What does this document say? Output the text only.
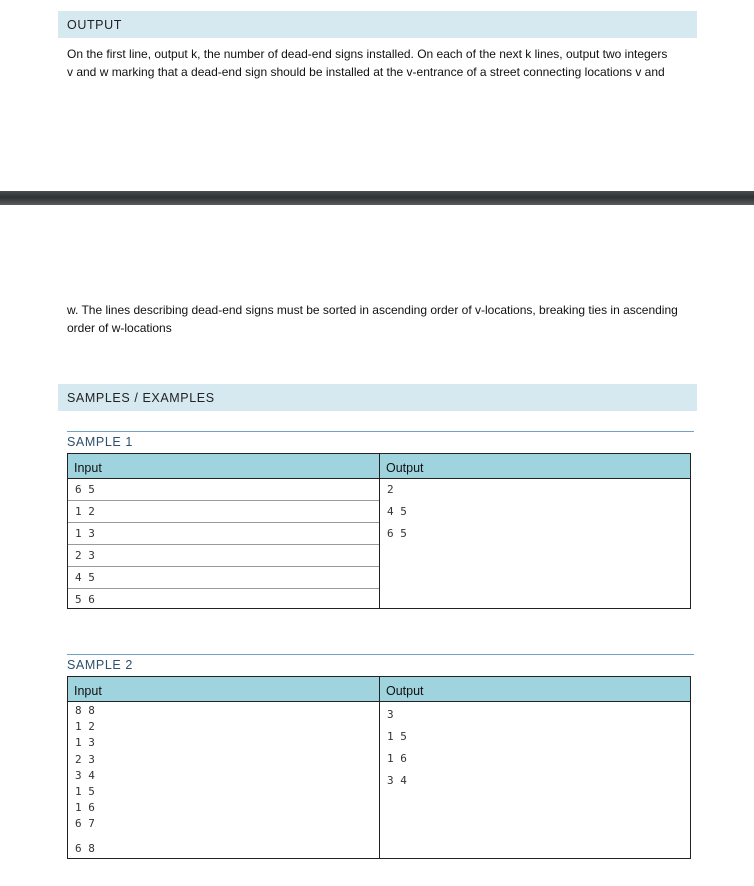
OUTPUT
On the first line, output k, the number of dead-end signs installed. On each of the next k lines, output two integers
v and w marking that a dead-end sign should be installed at the v-entrance of a street connecting locations v and
w. The lines describing dead-end signs must be sorted in ascending order of v-locations, breaking ties in ascending
order of w-locations
SAMPLES / EXAMPLES
SAMPLE 1
Input	Output
6 5
1 2
1 3
2 3
4 5
5 6
2
4 5
6 5
SAMPLE 2
Input	Output
8 8
1 2
1 3
2 3
3 4
1 5
1 6
6 7
6 8
3
1 5
1 6
3 4
